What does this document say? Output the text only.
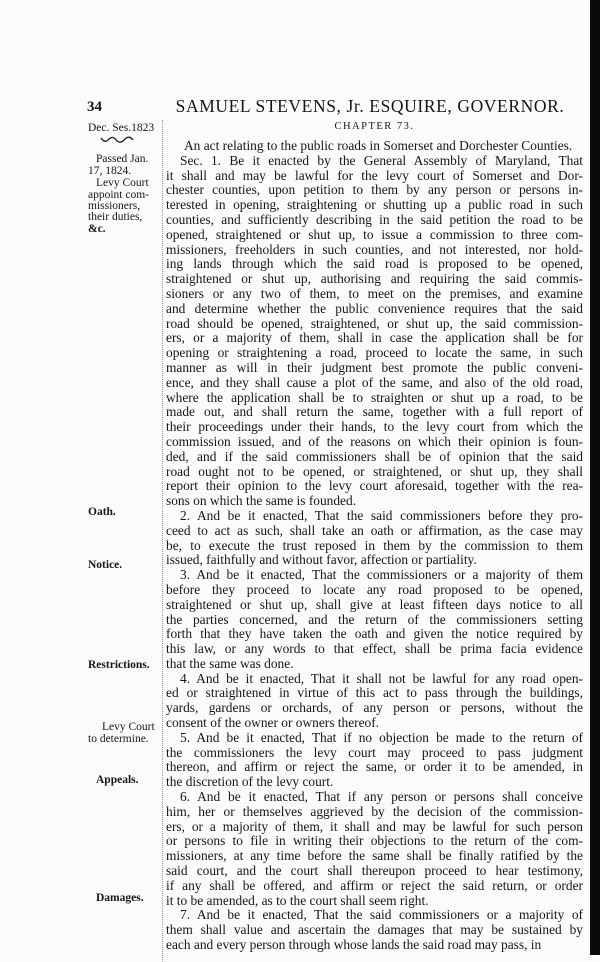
34	SAMUEL STEVENS, Jr. ESQUIRE, GOVERNOR.
CHAPTER 73.
Dec. Ses.1823
Passed Jan.
17, 1824.
Levy Court
appoint com-
missioners,
their duties,
&c.
Oath.
Notice.
Restrictions.
Levy Court
to determine.
Appeals.
Damages.
An act relating to the public roads in Somerset and Dorchester Counties.
Sec. 1. Be it enacted by the General Assembly of Maryland, That
it shall and may be lawful for the levy court of Somerset and Dor-
chester counties, upon petition to them by any person or persons in-
terested in opening, straightening or shutting up a public road in such
counties, and sufficiently describing in the said petition the road to be
opened, straightened or shut up, to issue a commission to three com-
missioners, freeholders in such counties, and not interested, nor hold-
ing lands through which the said road is proposed to be opened,
straightened or shut up, authorising and requiring the said commis-
sioners or any two of them, to meet on the premises, and examine
and determine whether the public convenience requires that the said
road should be opened, straightened, or shut up, the said commission-
ers, or a majority of them, shall in case the application shall be for
opening or straightening a road, proceed to locate the same, in such
manner as will in their judgment best promote the public conveni-
ence, and they shall cause a plot of the same, and also of the old road,
where the application shall be to straighten or shut up a road, to be
made out, and shall return the same, together with a full report of
their proceedings under their hands, to the levy court from which the
commission issued, and of the reasons on which their opinion is foun-
ded, and if the said commissioners shall be of opinion that the said
road ought not to be opened, or straightened, or shut up, they shall
report their opinion to the levy court aforesaid, together with the rea-
sons on which the same is founded.
2. And be it enacted, That the said commissioners before they pro-
ceed to act as such, shall take an oath or affirmation, as the case may
be, to execute the trust reposed in them by the commission to them
issued, faithfully and without favor, affection or partiality.
3. And be it enacted, That the commissioners or a majority of them
before they proceed to locate any road proposed to be opened,
straightened or shut up, shall give at least fifteen days notice to all
the parties concerned, and the return of the commissioners setting
forth that they have taken the oath and given the notice required by
this law, or any words to that effect, shall be prima facia evidence
that the same was done.
4. And be it enacted, That it shall not be lawful for any road open-
ed or straightened in virtue of this act to pass through the buildings,
yards, gardens or orchards, of any person or persons, without the
consent of the owner or owners thereof.
5. And be it enacted, That if no objection be made to the return of
the commissioners the levy court may proceed to pass judgment
thereon, and affirm or reject the same, or order it to be amended, in
the discretion of the levy court.
6. And be it enacted, That if any person or persons shall conceive
him, her or themselves aggrieved by the decision of the commission-
ers, or a majority of them, it shall and may be lawful for such person
or persons to file in writing their objections to the return of the com-
missioners, at any time before the same shall be finally ratified by the
said court, and the court shall thereupon proceed to hear testimony,
if any shall be offered, and affirm or reject the said return, or order
it to be amended, as to the court shall seem right.
7. And be it enacted, That the said commissioners or a majority of
them shall value and ascertain the damages that may be sustained by
each and every person through whose lands the said road may pass, in
